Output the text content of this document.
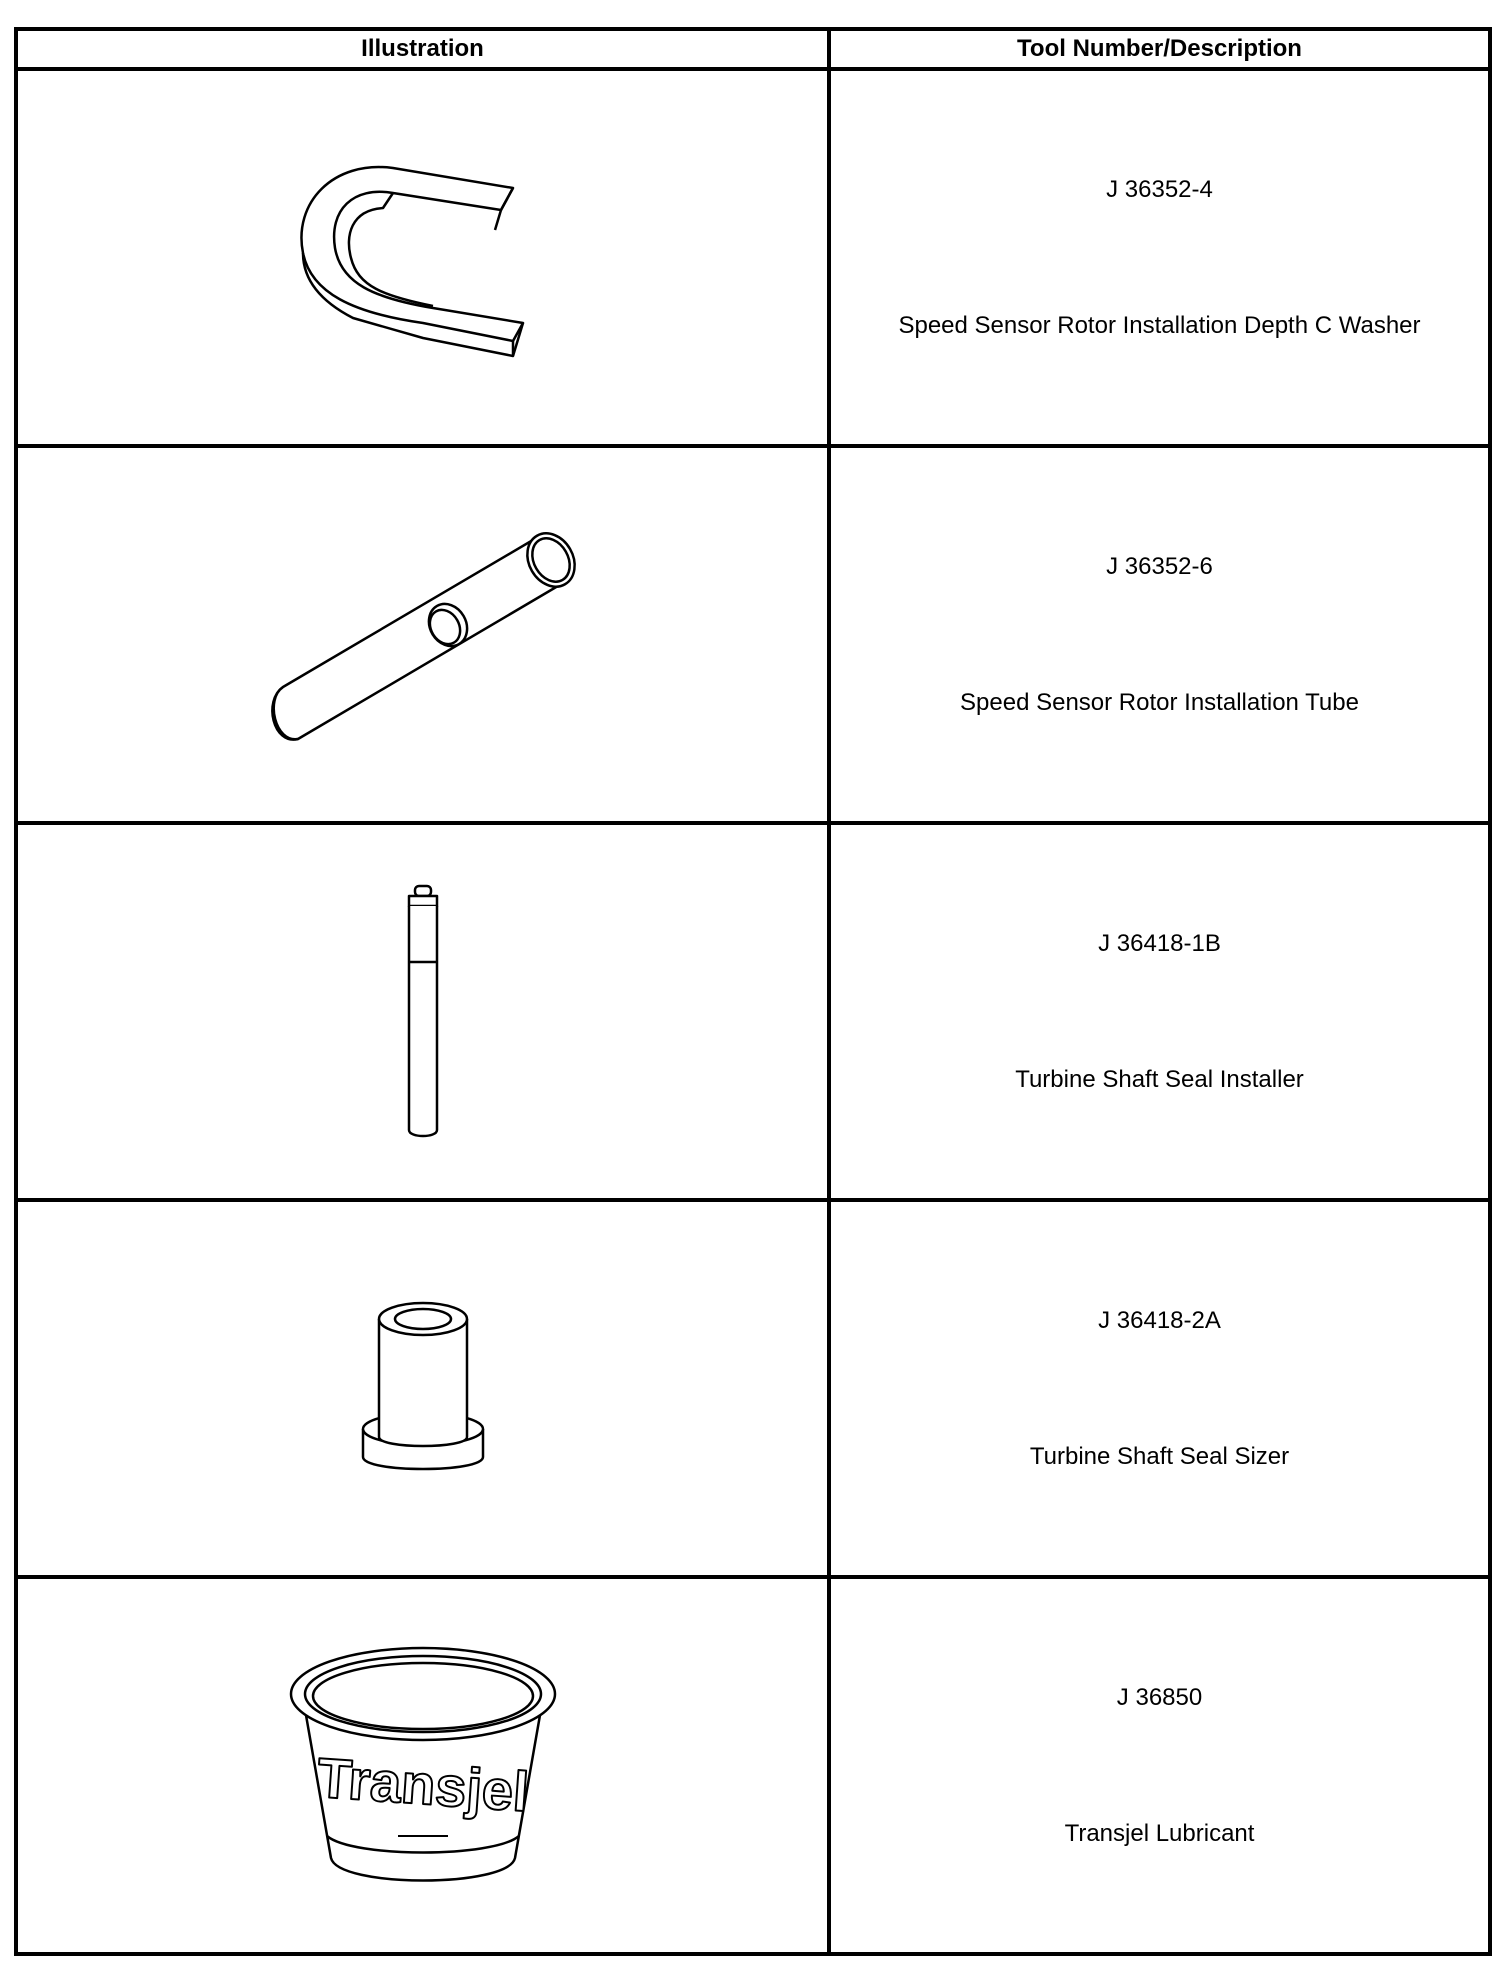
Illustration	Tool Number/Description

J 36352-4
Speed Sensor Rotor Installation Depth C Washer

J 36352-6
Speed Sensor Rotor Installation Tube

J 36418-1B
Turbine Shaft Seal Installer

J 36418-2A
Turbine Shaft Seal Sizer

Transjel	J 36850
Transjel Lubricant
